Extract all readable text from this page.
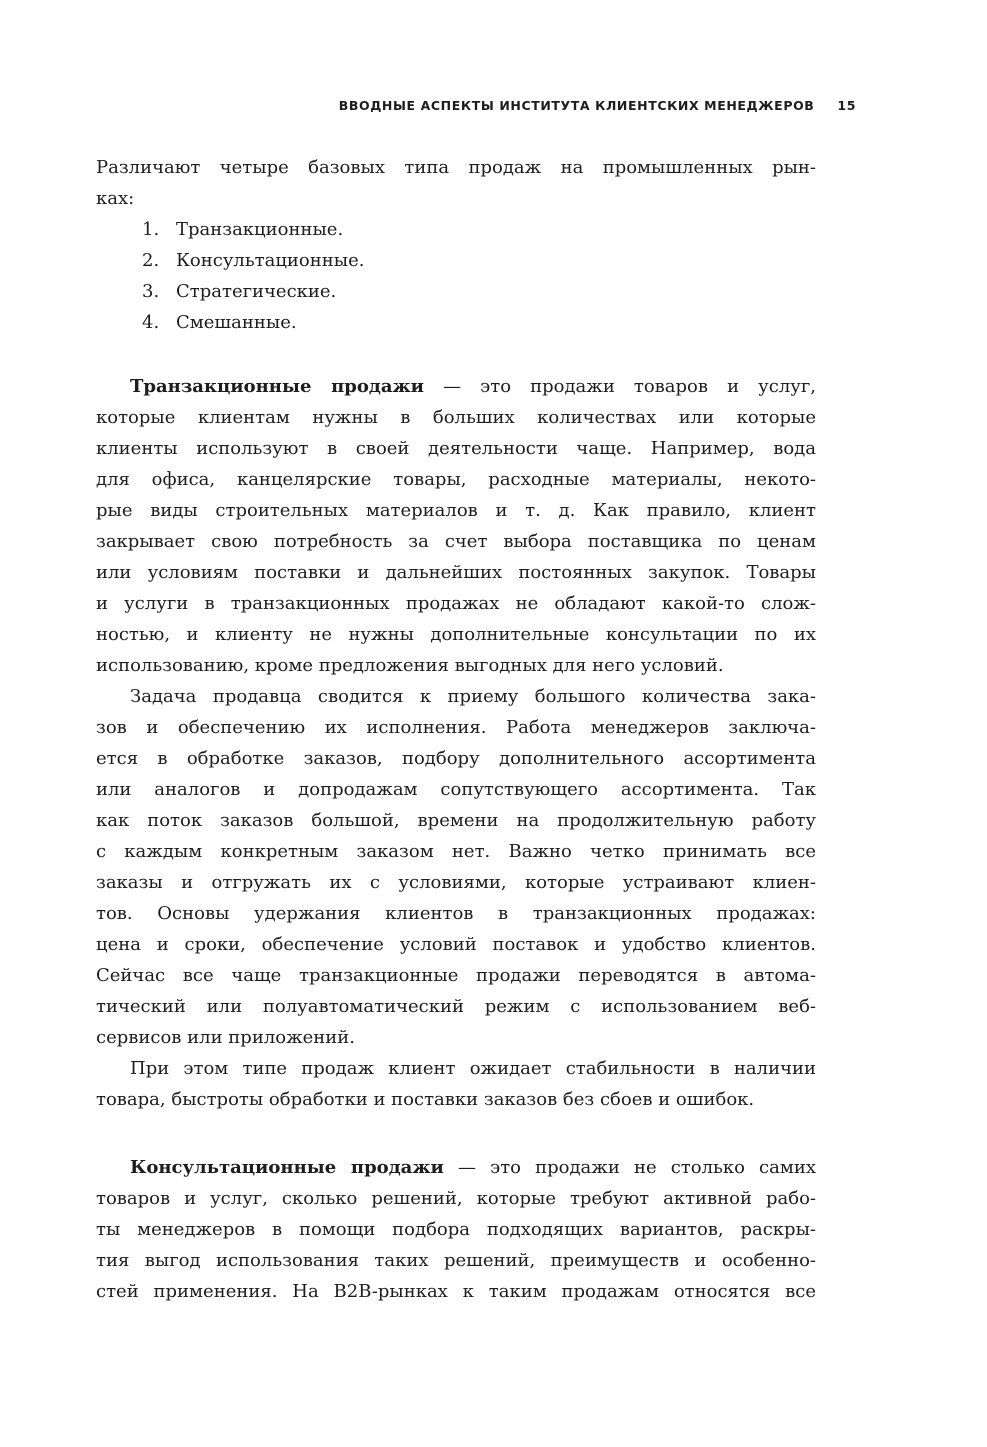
ВВОДНЫЕ АСПЕКТЫ ИНСТИТУТА КЛИЕНТСКИХ МЕНЕДЖЕРОВ 15
Различают четыре базовых типа продаж на промышленных рын-
ках:
1. Транзакционные.
2. Консультационные.
3. Стратегические.
4. Смешанные.
Транзакционные продажи — это продажи товаров и услуг,
которые клиентам нужны в больших количествах или которые
клиенты используют в своей деятельности чаще. Например, вода
для офиса, канцелярские товары, расходные материалы, некото-
рые виды строительных материалов и т. д. Как правило, клиент
закрывает свою потребность за счет выбора поставщика по ценам
или условиям поставки и дальнейших постоянных закупок. Товары
и услуги в транзакционных продажах не обладают какой-то слож-
ностью, и клиенту не нужны дополнительные консультации по их
использованию, кроме предложения выгодных для него условий.
Задача продавца сводится к приему большого количества зака-
зов и обеспечению их исполнения. Работа менеджеров заключа-
ется в обработке заказов, подбору дополнительного ассортимента
или аналогов и допродажам сопутствующего ассортимента. Так
как поток заказов большой, времени на продолжительную работу
с каждым конкретным заказом нет. Важно четко принимать все
заказы и отгружать их с условиями, которые устраивают клиен-
тов. Основы удержания клиентов в транзакционных продажах:
цена и сроки, обеспечение условий поставок и удобство клиентов.
Сейчас все чаще транзакционные продажи переводятся в автома-
тический или полуавтоматический режим с использованием веб-
сервисов или приложений.
При этом типе продаж клиент ожидает стабильности в наличии
товара, быстроты обработки и поставки заказов без сбоев и ошибок.
Консультационные продажи — это продажи не столько самих
товаров и услуг, сколько решений, которые требуют активной рабо-
ты менеджеров в помощи подбора подходящих вариантов, раскры-
тия выгод использования таких решений, преимуществ и особенно-
стей применения. На B2B-рынках к таким продажам относятся все
